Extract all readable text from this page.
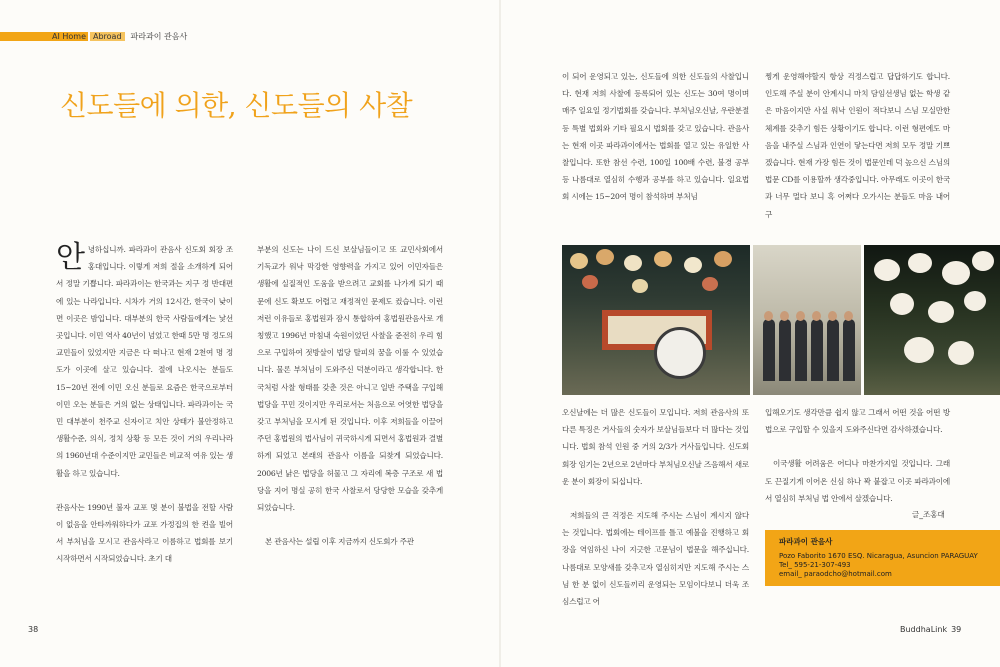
AI Home Abroad	파라과이 관음사
신도들에 의한, 신도들의 사찰

안녕하십니까. 파라과이 관음사 신도회 회장 조홍대입니다. 이렇게 저희 절을 소개하게 되어서 정말 기쁩니다. 파라과이는 한국과는 지구 정 반대편에 있는 나라입니다. 시차가 거의 12시간, 한국이 낮이면 이곳은 밤입니다. 대부분의 한국 사람들에게는 낯선 곳입니다. 이민 역사 40년이 넘었고 한때 5만 명 정도의 교민들이 있었지만 지금은 다 떠나고 현재 2천여 명 정도가 이곳에 살고 있습니다. 절에 나오시는 분들도 15~20년 전에 이민 오신 분들로 요즘은 한국으로부터 이민 오는 분들은 거의 없는 상태입니다. 파라과이는 국민 대부분이 천주교 신자이고 치안 상태가 불안정하고 생활수준, 의식, 정치 상황 등 모든 것이 거의 우리나라의 1960년대 수준이지만 교민들은 비교적 여유 있는 생활을 하고 있습니다.

관음사는 1990년 불자 교포 몇 분이 불법을 전할 사람이 없음을 안타까워하다가 교포 가정집의 한 켠을 빌어서 부처님을 모시고 관음사라고 이름하고 법회를 보기 시작하면서 시작되었습니다. 초기 대

부분의 신도는 나이 드신 보살님들이고 또 교민사회에서 기독교가 워낙 막강한 영향력을 가지고 있어 이민자들은 생활에 실질적인 도움을 받으려고 교회를 나가게 되기 때문에 신도 확보도 어렵고 재정적인 문제도 컸습니다. 이런 저런 이유들로 홍법원과 잠시 통합하여 홍법원관음사로 개칭했고 1996년 마침내 숙원이었던 사찰을 준전히 우리 힘으로 구입하여 젓방살이 법당 탈피의 꿈을 이룰 수 있었습니다. 물론 부처님이 도와주신 덕분이라고 생각합니다. 한국처럼 사찰 형태를 갖춘 것은 아니고 일반 주택을 구입해 법당을 꾸민 것이지만 우리로서는 처음으로 어엿한 법당을 갖고 부처님을 모시게 된 것입니다. 이후 저희들을 이끌어 주던 홍법원의 법사님이 귀국하시게 되면서 홍법원과 결별하게 되었고 본래의 관음사 이름을 되찾게 되었습니다. 2006년 낡은 법당을 허물고 그 자리에 복층 구조로 새 법당을 지어 명실 공히 한국 사찰로서 당당한 모습을 갖추게 되었습니다.

본 관음사는 설립 이후 지금까지 신도회가 주관

이 되어 운영되고 있는, 신도들에 의한 신도들의 사찰입니다. 현재 저희 사찰에 등록되어 있는 신도는 30여 명이며 매주 일요일 정기법회를 갖습니다. 부처님오신날, 우란분절 등 특별 법회와 기타 필요시 법회를 갖고 있습니다. 관음사는 현재 이곳 파라과이에서는 법회를 열고 있는 유일한 사찰입니다. 또한 참선 수련, 100일 100배 수련, 불경 공부 등 나름대로 열심히 수행과 공부를 하고 있습니다. 일요법회 시에는 15~20여 명이 참석하며 부처님

찡게 운영해야할지 항상 걱정스럽고 답답하기도 합니다. 인도해 주실 분이 안계시니 마치 담임선생님 없는 학생 같은 마음이지만 사실 워낙 인원이 적다보니 스님 모실만한 체계를 갖추기 힘든 상황이기도 합니다. 이런 형편에도 마음을 내주실 스님과 인연이 닿는다면 저희 모두 정말 기쁘겠습니다. 현재 가장 힘든 것이 법문인데 덕 높으신 스님의 법문 CD를 이용할까 생각중입니다. 아무래도 이곳이 한국과 너무 멀다 보니 혹 어쩌다 오가시는 분들도 마음 내어 구

오신날에는 더 많은 신도들이 모입니다. 저희 관음사의 또 다른 특징은 거사들의 숫자가 보살님들보다 더 많다는 것입니다. 법회 참석 인원 중 거의 2/3가 거사들입니다. 신도회 회장 임기는 2년으로 2년마다 부처님오신날 즈음해서 새로운 분이 회장이 되십니다.

저희들의 큰 걱정은 지도해 주시는 스님이 계시지 않다는 것입니다. 법회에는 테이프를 틀고 예불을 진행하고 회장을 역임하신 나이 지긋한 고문님이 법문을 해주십니다. 나름대로 모양새를 갖추고자 열심히지만 지도해 주시는 스님 한 분 없이 신도들끼리 운영되는 모임이다보니 더욱 조심스럽고 어

입해오기도 생각만큼 쉽지 않고 그래서 어떤 것을 어떤 방법으로 구입할 수 있을지 도와주신다면 감사하겠습니다.

이국생활 어려움은 어디나 마찬가지일 것입니다. 그래도 끈질기게 이어온 신심 하나 꽉 붙잡고 이곳 파라과이에서 열심히 부처님 법 안에서 살겠습니다.

글_조홍대
파라과이 관음사
Pozo Faborito 1670 ESQ. Nicaragua, Asuncion PARAGUAY
Tel_ 595-21-307-493
email_ paraodcho@hotmail.com
38	BuddhaLink 39
